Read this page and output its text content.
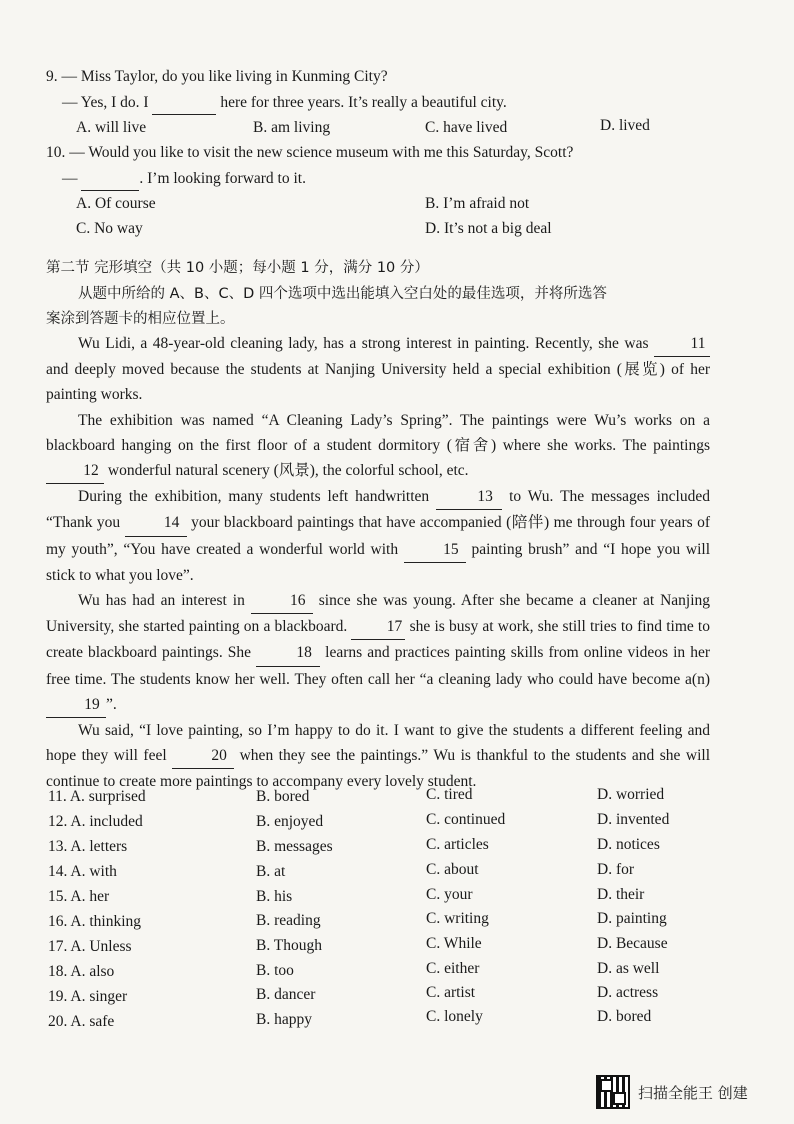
9. — Miss Taylor, do you like living in Kunming City?
— Yes, I do. I	here for three years. It’s really a beautiful city.
A. will live	B. am living	C. have lived	D. lived
10. — Would you like to visit the new science museum with me this Saturday, Scott?
—	. I’m looking forward to it.
A. Of course	B. I’m afraid not
C. No way	D. It’s not a big deal
第二节 完形填空（共 10 小题；每小题 1 分，满分 10 分）
从题中所给的 A、B、C、D 四个选项中选出能填入空白处的最佳选项，并将所选答
案涂到答题卡的相应位置上。

Wu Lidi, a 48-year-old cleaning lady, has a strong interest in painting. Recently, she was 11 and deeply moved because the students at Nanjing University held a special exhibition (展览) of her painting works.

The exhibition was named “A Cleaning Lady’s Spring”. The paintings were Wu’s works on a blackboard hanging on the first floor of a student dormitory (宿舍) where she works. The paintings 12 wonderful natural scenery (风景), the colorful school, etc.

During the exhibition, many students left handwritten	13 to Wu. The messages included “Thank you	14 your blackboard paintings that have accompanied (陪伴) me through four years of my youth”, “You have created a wonderful world with	15 painting brush” and “I hope you will stick to what you love”.

Wu has had an interest in	16 since she was young. After she became a cleaner at Nanjing University, she started painting on a blackboard. 17 she is busy at work, she still tries to find time to create blackboard paintings. She	18 learns and practices painting skills from online videos in her free time. The students know her well. They often call her “a cleaning lady who could have become a(n) 19 ”.

Wu said, “I love painting, so I’m happy to do it. I want to give the students a different feeling and hope they will feel	20 when they see the paintings.” Wu is thankful to the students and she will continue to create more paintings to accompany every lovely student.

11. A. surprised	B. bored	C. tired	D. worried
12. A. included	B. enjoyed	C. continued	D. invented
13. A. letters	B. messages	C. articles	D. notices
14. A. with	B. at	C. about	D. for
15. A. her	B. his	C. your	D. their
16. A. thinking	B. reading	C. writing	D. painting
17. A. Unless	B. Though	C. While	D. Because
18. A. also	B. too	C. either	D. as well
19. A. singer	B. dancer	C. artist	D. actress
20. A. safe	B. happy	C. lonely	D. bored
扫描全能王 创建
